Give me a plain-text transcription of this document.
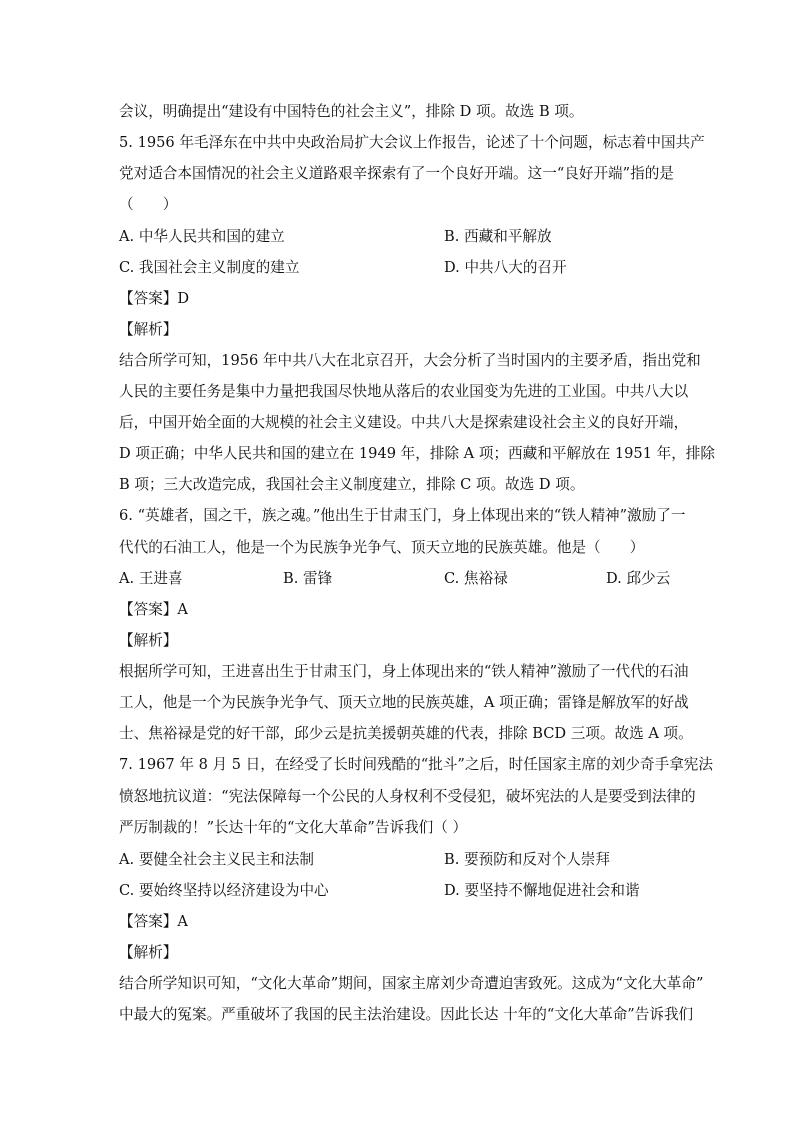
会议，明确提出“建设有中国特色的社会主义”，排除 D 项。故选 B 项。
5. 1956 年毛泽东在中共中央政治局扩大会议上作报告，论述了十个问题，标志着中国共产
党对适合本国情况的社会主义道路艰辛探索有了一个良好开端。这一“良好开端”指的是
（　　）
A. 中华人民共和国的建立	B. 西藏和平解放
C. 我国社会主义制度的建立	D. 中共八大的召开
【答案】D
【解析】
结合所学可知，1956 年中共八大在北京召开，大会分析了当时国内的主要矛盾，指出党和
人民的主要任务是集中力量把我国尽快地从落后的农业国变为先进的工业国。中共八大以
后，中国开始全面的大规模的社会主义建设。中共八大是探索建设社会主义的良好开端，
D 项正确；中华人民共和国的建立在 1949 年，排除 A 项；西藏和平解放在 1951 年，排除
B 项；三大改造完成，我国社会主义制度建立，排除 C 项。故选 D 项。
6. “英雄者，国之干，族之魂。”他出生于甘肃玉门，身上体现出来的“铁人精神”激励了一
代代的石油工人，他是一个为民族争光争气、顶天立地的民族英雄。他是（　　）
A. 王进喜	B. 雷锋	C. 焦裕禄	D. 邱少云
【答案】A
【解析】
根据所学可知，王进喜出生于甘肃玉门，身上体现出来的“铁人精神”激励了一代代的石油
工人，他是一个为民族争光争气、顶天立地的民族英雄，A 项正确；雷锋是解放军的好战
士、焦裕禄是党的好干部，邱少云是抗美援朝英雄的代表，排除 BCD 三项。故选 A 项。
7. 1967 年 8 月 5 日，在经受了长时间残酷的“批斗”之后，时任国家主席的刘少奇手拿宪法
愤怒地抗议道：“宪法保障每一个公民的人身权利不受侵犯，破坏宪法的人是要受到法律的
严厉制裁的！”长达十年的“文化大革命”告诉我们（ ）
A. 要健全社会主义民主和法制	B. 要预防和反对个人崇拜
C. 要始终坚持以经济建设为中心	D. 要坚持不懈地促进社会和谐
【答案】A
【解析】
结合所学知识可知，“文化大革命”期间，国家主席刘少奇遭迫害致死。这成为“文化大革命”
中最大的冤案。严重破坏了我国的民主法治建设。因此长达 十年的“文化大革命”告诉我们
